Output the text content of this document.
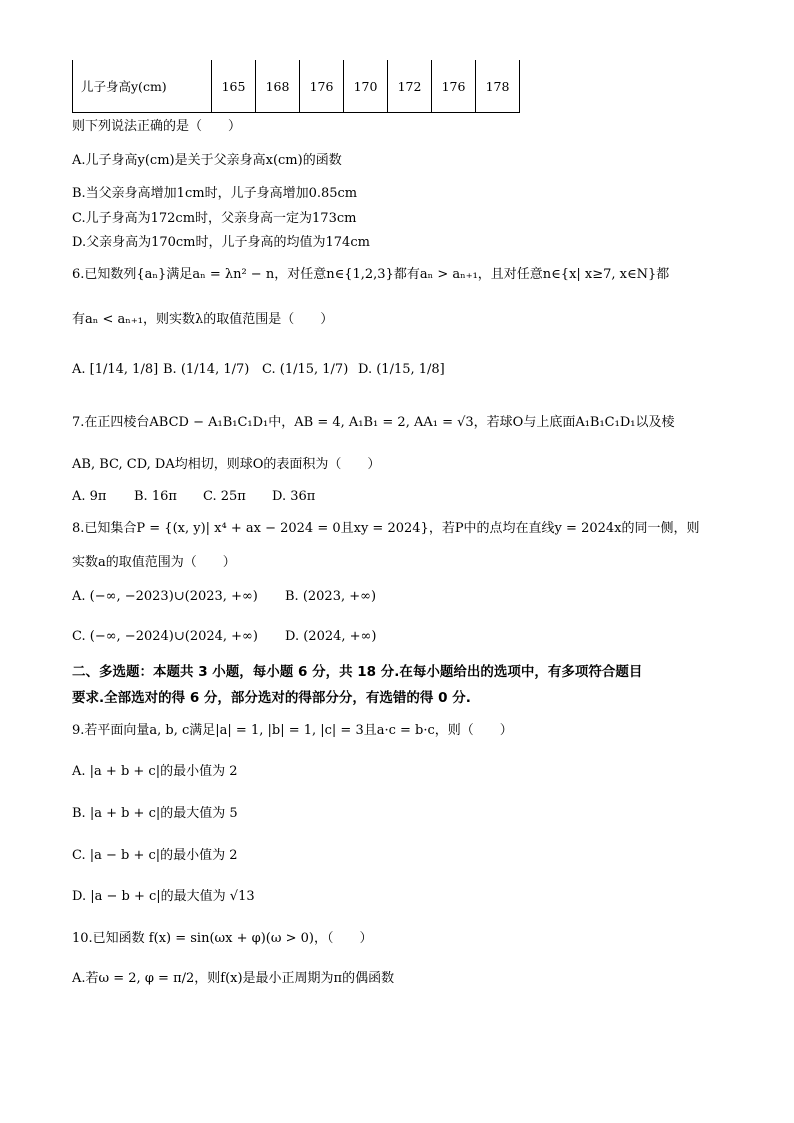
儿子身高y(cm)	165	168	176	170	172	176	178
则下列说法正确的是（　　）
A.儿子身高y(cm)是关于父亲身高x(cm)的函数
B.当父亲身高增加1cm时，儿子身高增加0.85cm
C.儿子身高为172cm时，父亲身高一定为173cm
D.父亲身高为170cm时，儿子身高的均值为174cm
6.已知数列{aₙ}满足aₙ = λn² − n，对任意n∈{1,2,3}都有aₙ > aₙ₊₁，且对任意n∈{x| x≥7, x∈N}都
有aₙ < aₙ₊₁，则实数λ的取值范围是（　　）
A. [1/14, 1/8] B. (1/14, 1/7) C. (1/15, 1/7) D. (1/15, 1/8]
7.在正四棱台ABCD − A₁B₁C₁D₁中，AB = 4, A₁B₁ = 2, AA₁ = √3，若球O与上底面A₁B₁C₁D₁以及棱
AB, BC, CD, DA均相切，则球O的表面积为（　　）
A. 9π B. 16π C. 25π D. 36π
8.已知集合P = {(x, y)| x⁴ + ax − 2024 = 0且xy = 2024}，若P中的点均在直线y = 2024x的同一侧，则
实数a的取值范围为（　　）
A. (−∞, −2023)∪(2023, +∞) B. (2023, +∞)
C. (−∞, −2024)∪(2024, +∞) D. (2024, +∞)
二、多选题：本题共 3 小题，每小题 6 分，共 18 分.在每小题给出的选项中，有多项符合题目
要求.全部选对的得 6 分，部分选对的得部分分，有选错的得 0 分.
9.若平面向量a, b, c满足|a| = 1, |b| = 1, |c| = 3且a·c = b·c，则（　　）
A. |a + b + c|的最小值为 2
B. |a + b + c|的最大值为 5
C. |a − b + c|的最小值为 2
D. |a − b + c|的最大值为 √13
10.已知函数 f(x) = sin(ωx + φ)(ω > 0)，（　　）
A.若ω = 2, φ = π/2，则f(x)是最小正周期为π的偶函数
